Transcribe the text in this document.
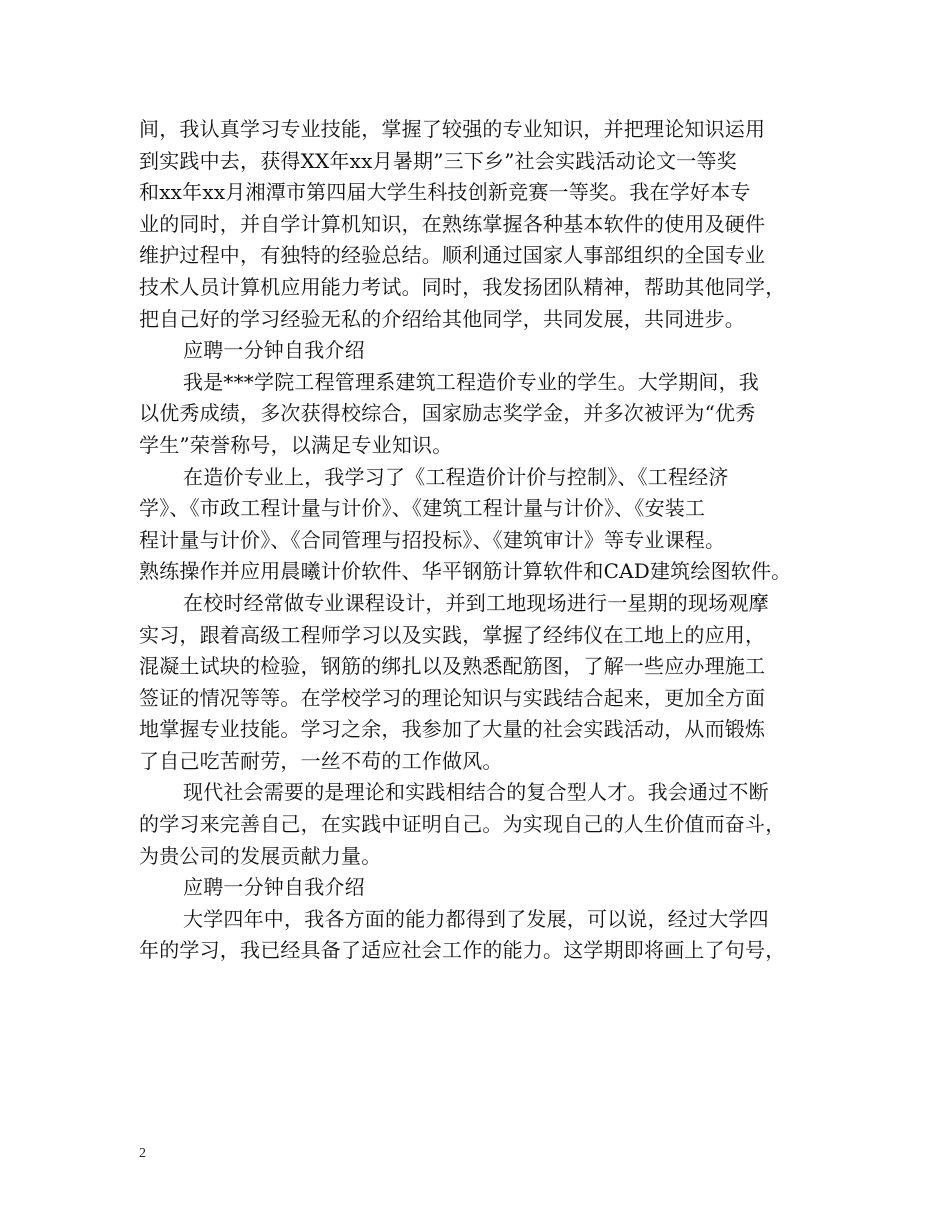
间，我认真学习专业技能，掌握了较强的专业知识，并把理论知识运用
到实践中去，获得XX年xx月暑期”三下乡”社会实践活动论文一等奖
和xx年xx月湘潭市第四届大学生科技创新竞赛一等奖。我在学好本专
业的同时，并自学计算机知识，在熟练掌握各种基本软件的使用及硬件
维护过程中，有独特的经验总结。顺利通过国家人事部组织的全国专业
技术人员计算机应用能力考试。同时，我发扬团队精神，帮助其他同学，
把自己好的学习经验无私的介绍给其他同学，共同发展，共同进步。
应聘一分钟自我介绍
我是***学院工程管理系建筑工程造价专业的学生。大学期间，我
以优秀成绩，多次获得校综合，国家励志奖学金，并多次被评为“优秀
学生”荣誉称号，以满足专业知识。
在造价专业上，我学习了《工程造价计价与控制》、《工程经济
学》、《市政工程计量与计价》、《建筑工程计量与计价》、《安装工
程计量与计价》、《合同管理与招投标》、《建筑审计》等专业课程。
熟练操作并应用晨曦计价软件、华平钢筋计算软件和CAD建筑绘图软件。
在校时经常做专业课程设计，并到工地现场进行一星期的现场观摩
实习，跟着高级工程师学习以及实践，掌握了经纬仪在工地上的应用，
混凝土试块的检验，钢筋的绑扎以及熟悉配筋图，了解一些应办理施工
签证的情况等等。在学校学习的理论知识与实践结合起来，更加全方面
地掌握专业技能。学习之余，我参加了大量的社会实践活动，从而锻炼
了自己吃苦耐劳，一丝不苟的工作做风。
现代社会需要的是理论和实践相结合的复合型人才。我会通过不断
的学习来完善自己，在实践中证明自己。为实现自己的人生价值而奋斗，
为贵公司的发展贡献力量。
应聘一分钟自我介绍
大学四年中，我各方面的能力都得到了发展，可以说，经过大学四
年的学习，我已经具备了适应社会工作的能力。这学期即将画上了句号，
2
